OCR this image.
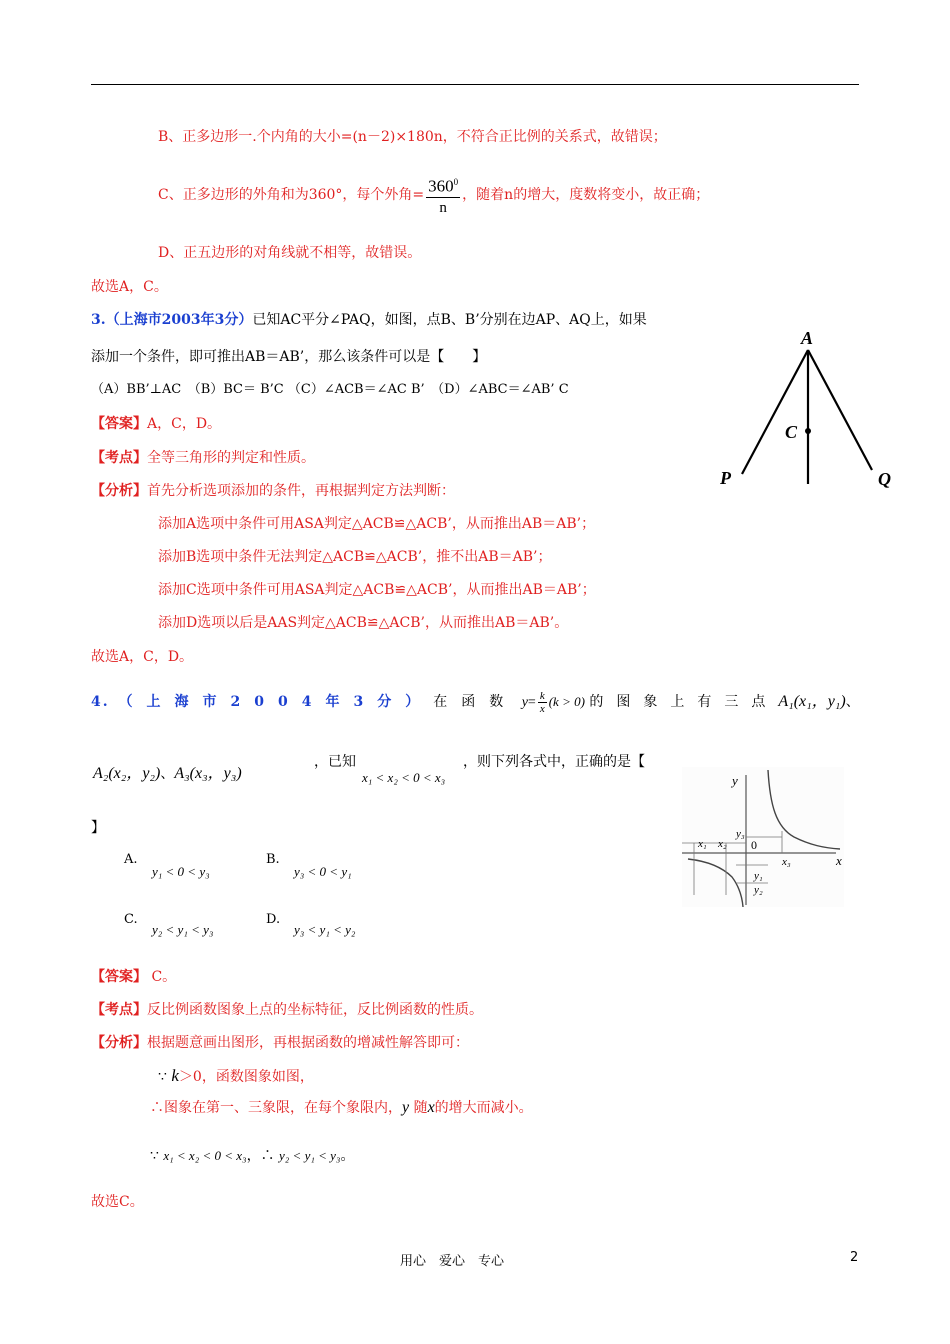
B、正多边形一.个内角的大小=(n－2)×180n，不符合正比例的关系式，故错误；
C、正多边形的外角和为360°，每个外角= $\frac{360^0}{n}$ ，随着n的增大，度数将变小，故正确；
D、正五边形的对角线就不相等，故错误。
故选A，C。
3.（上海市2003年3分）已知AC平分∠PAQ，如图，点B、B’分别在边AP、AQ上，如果
添加一个条件，即可推出AB＝AB’，那么该条件可以是【　　】
（A）BB’⊥AC　（B）BC＝ B’C （C）∠ACB＝∠AC B’　（D）∠ABC＝∠AB’ C
【答案】A，C，D。
【考点】全等三角形的判定和性质。
【分析】首先分析选项添加的条件，再根据判定方法判断：
添加A选项中条件可用ASA判定△ACB≌△ACB’，从而推出AB＝AB’；
添加B选项中条件无法判定△ACB≌△ACB’，推不出AB＝AB’；
添加C选项中条件可用ASA判定△ACB≌△ACB’，从而推出AB＝AB’；
添加D选项以后是AAS判定△ACB≌△ACB’，从而推出AB＝AB’。
故选A，C，D。
A
C
P	Q
4. （上海市2004年3分）在函数 $y= \frac{k}{x} (k > 0)$ 的图象上有三点A₁(x₁，y₁)、
A₂(x₂，y₂)、A₃(x₃，y₃)
，已知
x₁ < x₂ < 0 < x₃
，则下列各式中，正确的是【
】
A.
y₁ < 0 < y₃
B.
y₃ < 0 < y₁
C.
y₂ < y₁ < y₃
D.
y₃ < y₁ < y₂
y
x
0
x₁ x₂
x₃
y₃
y₁
y₂
【答案】 C。
【考点】反比例函数图象上点的坐标特征，反比例函数的性质。
【分析】根据题意画出图形，再根据函数的增减性解答即可：
∵ k＞0，函数图象如图，
∴图象在第一、三象限，在每个象限内，y 随x的增大而减小。
∵ x₁ < x₂ < 0 < x₃，∴ y₂ < y₁ < y₃。
故选C。
用心　爱心　专心	2
